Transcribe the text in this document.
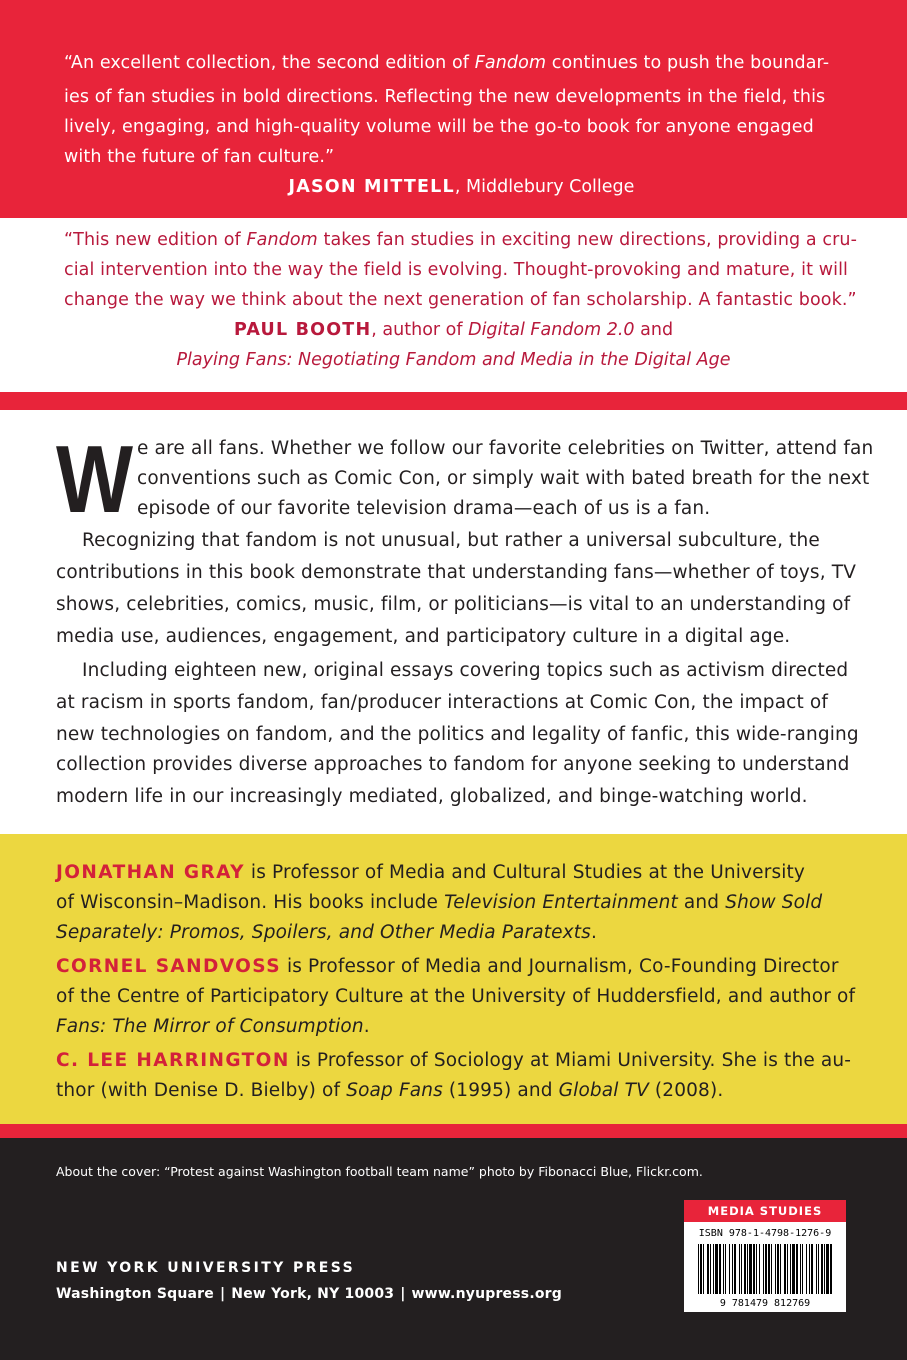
“An excellent collection, the second edition of Fandom continues to push the boundar-
ies of fan studies in bold directions. Reflecting the new developments in the field, this
lively, engaging, and high-quality volume will be the go-to book for anyone engaged
with the future of fan culture.”
JASON MITTELL, Middlebury College
“This new edition of Fandom takes fan studies in exciting new directions, providing a cru-
cial intervention into the way the field is evolving. Thought-provoking and mature, it will
change the way we think about the next generation of fan scholarship. A fantastic book.”
PAUL BOOTH, author of Digital Fandom 2.0 and
Playing Fans: Negotiating Fandom and Media in the Digital Age
W e are all fans. Whether we follow our favorite celebrities on Twitter, attend fan
conventions such as Comic Con, or simply wait with bated breath for the next
episode of our favorite television drama—each of us is a fan.
Recognizing that fandom is not unusual, but rather a universal subculture, the
contributions in this book demonstrate that understanding fans—whether of toys, TV
shows, celebrities, comics, music, film, or politicians—is vital to an understanding of
media use, audiences, engagement, and participatory culture in a digital age.
Including eighteen new, original essays covering topics such as activism directed
at racism in sports fandom, fan/producer interactions at Comic Con, the impact of
new technologies on fandom, and the politics and legality of fanfic, this wide-ranging
collection provides diverse approaches to fandom for anyone seeking to understand
modern life in our increasingly mediated, globalized, and binge-watching world.
JONATHAN GRAY is Professor of Media and Cultural Studies at the University
of Wisconsin–Madison. His books include Television Entertainment and Show Sold
Separately: Promos, Spoilers, and Other Media Paratexts.
CORNEL SANDVOSS is Professor of Media and Journalism, Co-Founding Director
of the Centre of Participatory Culture at the University of Huddersfield, and author of
Fans: The Mirror of Consumption.
C. LEE HARRINGTON is Professor of Sociology at Miami University. She is the au-
thor (with Denise D. Bielby) of Soap Fans (1995) and Global TV (2008).
About the cover: “Protest against Washington football team name” photo by Fibonacci Blue, Flickr.com.
NEW YORK UNIVERSITY PRESS
Washington Square | New York, NY 10003 | www.nyupress.org
MEDIA STUDIES
ISBN 978-1-4798-1276-9
9 781479 812769
